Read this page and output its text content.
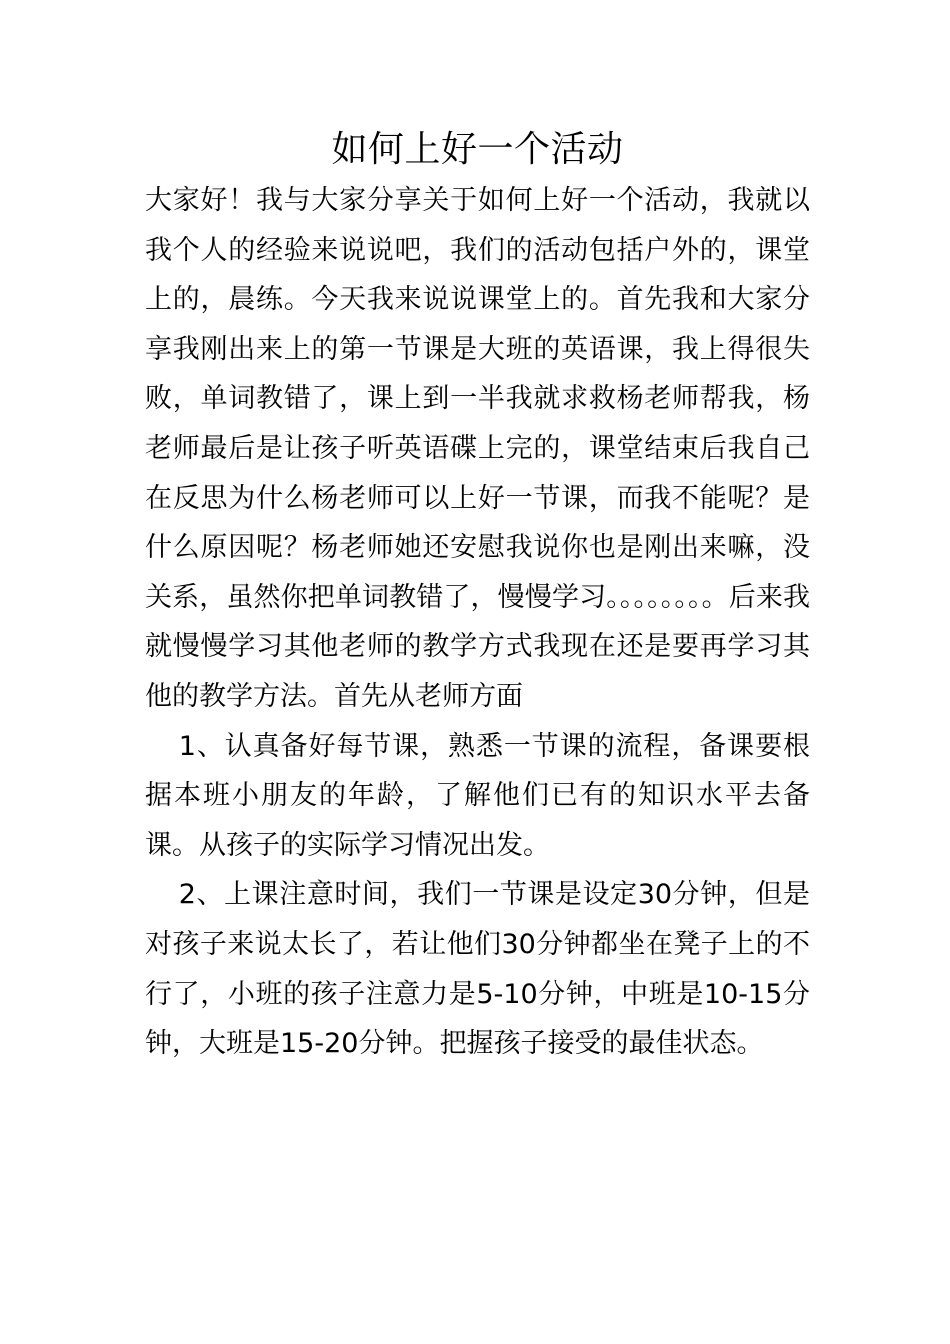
如何上好一个活动

大家好！我与大家分享关于如何上好一个活动，我就以我个人的经验来说说吧，我们的活动包括户外的，课堂上的，晨练。今天我来说说课堂上的。首先我和大家分享我刚出来上的第一节课是大班的英语课，我上得很失败，单词教错了，课上到一半我就求救杨老师帮我，杨老师最后是让孩子听英语碟上完的，课堂结束后我自己在反思为什么杨老师可以上好一节课，而我不能呢？是什么原因呢？杨老师她还安慰我说你也是刚出来嘛，没关系，虽然你把单词教错了，慢慢学习。。。。。。。。后来我就慢慢学习其他老师的教学方式我现在还是要再学习其他的教学方法。首先从老师方面

1、认真备好每节课，熟悉一节课的流程，备课要根据本班小朋友的年龄，了解他们已有的知识水平去备课。从孩子的实际学习情况出发。

2、上课注意时间，我们一节课是设定30分钟，但是对孩子来说太长了，若让他们30分钟都坐在凳子上的不行了，小班的孩子注意力是5-10分钟，中班是10-15分钟，大班是15-20分钟。把握孩子接受的最佳状态。
